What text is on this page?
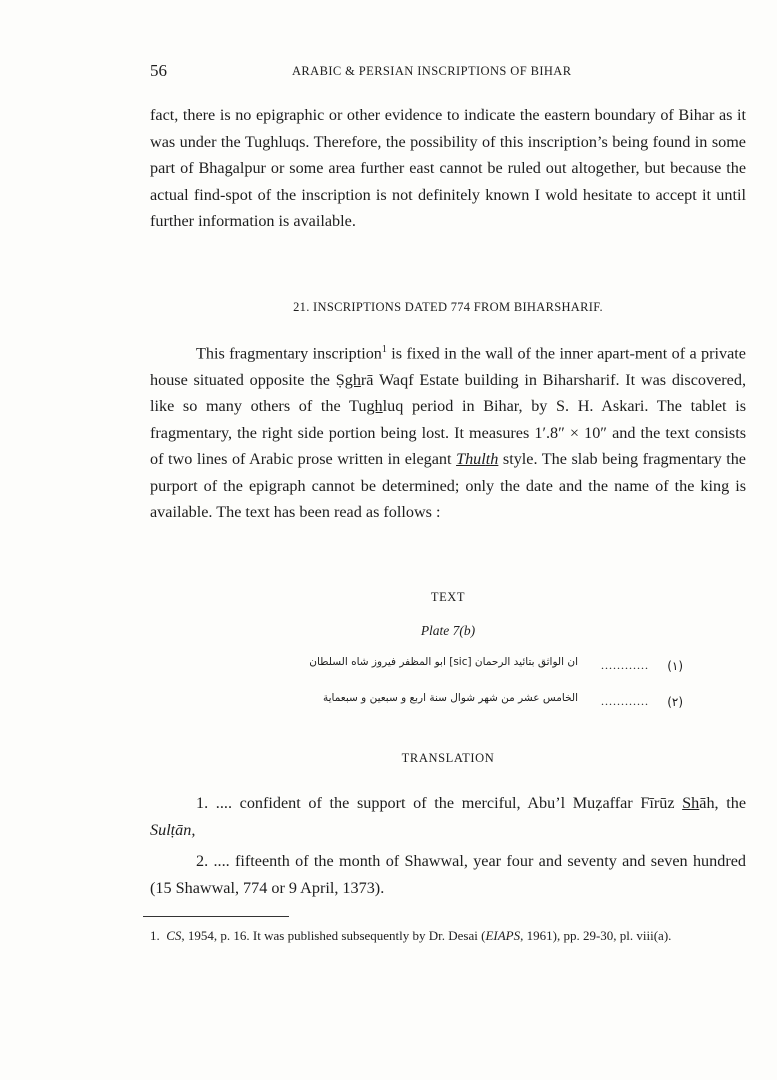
56	ARABIC & PERSIAN INSCRIPTIONS OF BIHAR

fact, there is no epigraphic or other evidence to indicate the eastern boundary of Bihar as it was under the Tughluqs. Therefore, the possibility of this inscription’s being found in some part of Bhagalpur or some area further east cannot be ruled out altogether, but because the actual find-spot of the inscription is not definitely known I wold hesitate to accept it until further information is available.

21. INSCRIPTIONS DATED 774 FROM BIHARSHARIF.

This fragmentary inscription$^1$ is fixed in the wall of the inner apart-ment of a private house situated opposite the Ṣghrā Waqf Estate building in Biharsharif. It was discovered, like so many others of the Tughluq period in Bihar, by S. H. Askari. The tablet is fragmentary, the right side portion being lost. It measures 1′.8″ × 10″ and the text consists of two lines of Arabic prose written in elegant Thulth style. The slab being fragmentary the purport of the epigraph cannot be determined; only the date and the name of the king is available. The text has been read as follows :

TEXT
Plate 7(b)
ان الواثق بتائيد الرحمان [sic] ابو المظفر فيروز شاه السلطان ............ (۱)
الخامس عشر من شهر شوال سنة اربع و سبعين و سبعماية ............ (۲)
TRANSLATION

1. .... confident of the support of the merciful, Abu’l Muẓaffar Fīrūz Shāh, the Sulṭān,

2. .... fifteenth of the month of Shawwal, year four and seventy and seven hundred (15 Shawwal, 774 or 9 April, 1373).

1. CS, 1954, p. 16. It was published subsequently by Dr. Desai (EIAPS, 1961), pp. 29-30, pl. viii(a).
